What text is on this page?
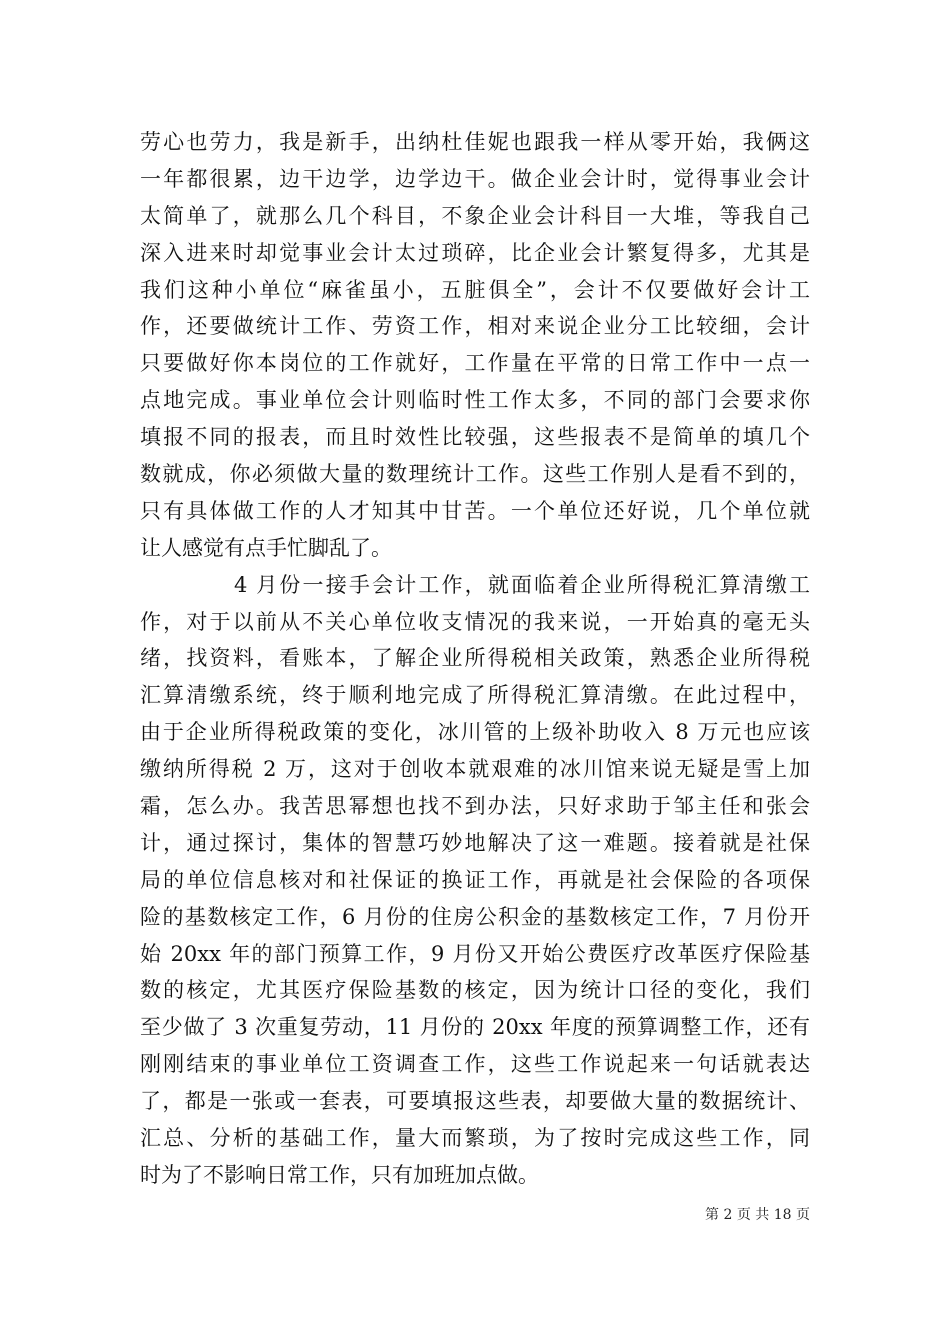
劳心也劳力，我是新手，出纳杜佳妮也跟我一样从零开始，我俩这
一年都很累，边干边学，边学边干。做企业会计时，觉得事业会计
太简单了，就那么几个科目，不象企业会计科目一大堆，等我自己
深入进来时却觉事业会计太过琐碎，比企业会计繁复得多，尤其是
我们这种小单位“麻雀虽小，五脏俱全”，会计不仅要做好会计工
作，还要做统计工作、劳资工作，相对来说企业分工比较细，会计
只要做好你本岗位的工作就好，工作量在平常的日常工作中一点一
点地完成。事业单位会计则临时性工作太多，不同的部门会要求你
填报不同的报表，而且时效性比较强，这些报表不是简单的填几个
数就成，你必须做大量的数理统计工作。这些工作别人是看不到的，
只有具体做工作的人才知其中甘苦。一个单位还好说，几个单位就
让人感觉有点手忙脚乱了。
4 月份一接手会计工作，就面临着企业所得税汇算清缴工
作，对于以前从不关心单位收支情况的我来说，一开始真的毫无头
绪，找资料，看账本，了解企业所得税相关政策，熟悉企业所得税
汇算清缴系统，终于顺利地完成了所得税汇算清缴。在此过程中，
由于企业所得税政策的变化，冰川管的上级补助收入 8 万元也应该
缴纳所得税 2 万，这对于创收本就艰难的冰川馆来说无疑是雪上加
霜，怎么办。我苦思幂想也找不到办法，只好求助于邹主任和张会
计，通过探讨，集体的智慧巧妙地解决了这一难题。接着就是社保
局的单位信息核对和社保证的换证工作，再就是社会保险的各项保
险的基数核定工作，6 月份的住房公积金的基数核定工作，7 月份开
始 20xx 年的部门预算工作，9 月份又开始公费医疗改革医疗保险基
数的核定，尤其医疗保险基数的核定，因为统计口径的变化，我们
至少做了 3 次重复劳动，11 月份的 20xx 年度的预算调整工作，还有
刚刚结束的事业单位工资调查工作，这些工作说起来一句话就表达
了，都是一张或一套表，可要填报这些表，却要做大量的数据统计、
汇总、分析的基础工作，量大而繁琐，为了按时完成这些工作，同
时为了不影响日常工作，只有加班加点做。
第 2 页 共 18 页
